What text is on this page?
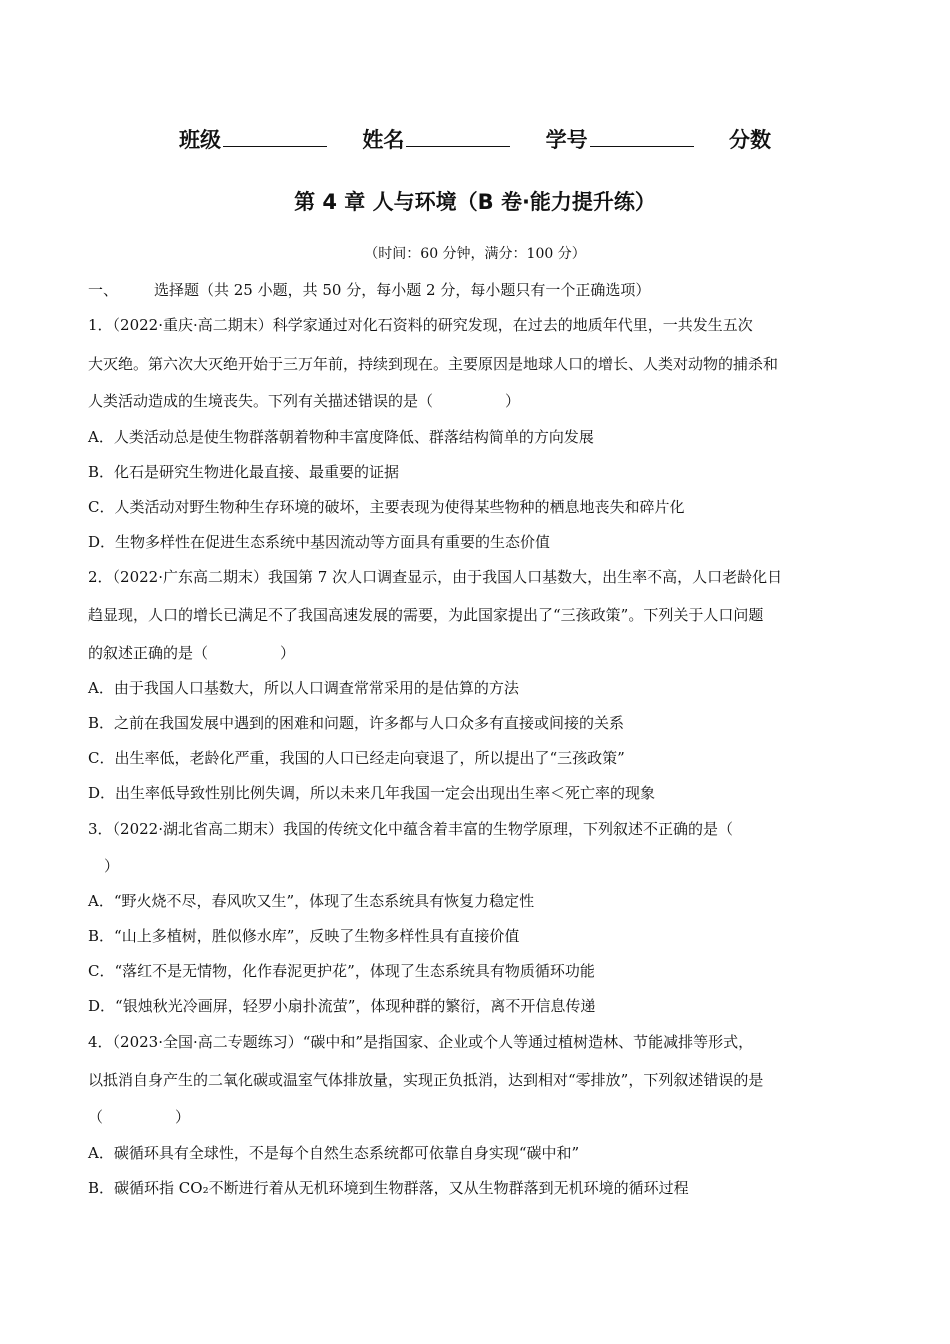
班级	姓名	学号	分数
第 4 章 人与环境（B 卷·能力提升练）
（时间：60 分钟，满分：100 分）
一、 选择题（共 25 小题，共 50 分，每小题 2 分，每小题只有一个正确选项）
1．（2022·重庆·高二期末）科学家通过对化石资料的研究发现，在过去的地质年代里，一共发生五次
大灭绝。第六次大灭绝开始于三万年前，持续到现在。主要原因是地球人口的增长、人类对动物的捕杀和
人类活动造成的生境丧失。下列有关描述错误的是（	）
A．人类活动总是使生物群落朝着物种丰富度降低、群落结构简单的方向发展
B．化石是研究生物进化最直接、最重要的证据
C．人类活动对野生物种生存环境的破坏，主要表现为使得某些物种的栖息地丧失和碎片化
D．生物多样性在促进生态系统中基因流动等方面具有重要的生态价值
2．（2022·广东高二期末）我国第 7 次人口调查显示，由于我国人口基数大，出生率不高，人口老龄化日
趋显现，人口的增长已满足不了我国高速发展的需要，为此国家提出了“三孩政策”。下列关于人口问题
的叙述正确的是（	）
A．由于我国人口基数大，所以人口调查常常采用的是估算的方法
B．之前在我国发展中遇到的困难和问题，许多都与人口众多有直接或间接的关系
C．出生率低，老龄化严重，我国的人口已经走向衰退了，所以提出了“三孩政策”
D．出生率低导致性别比例失调，所以未来几年我国一定会出现出生率＜死亡率的现象
3．（2022·湖北省高二期末）我国的传统文化中蕴含着丰富的生物学原理，下列叙述不正确的是（
）
A．“野火烧不尽，春风吹又生”，体现了生态系统具有恢复力稳定性
B．“山上多植树，胜似修水库”，反映了生物多样性具有直接价值
C．“落红不是无情物，化作春泥更护花”，体现了生态系统具有物质循环功能
D．“银烛秋光冷画屏，轻罗小扇扑流萤”，体现种群的繁衍，离不开信息传递
4．（2023·全国·高二专题练习）“碳中和”是指国家、企业或个人等通过植树造林、节能减排等形式，
以抵消自身产生的二氧化碳或温室气体排放量，实现正负抵消，达到相对“零排放”，下列叙述错误的是
（	）
A．碳循环具有全球性，不是每个自然生态系统都可依靠自身实现“碳中和”
B．碳循环指 CO₂不断进行着从无机环境到生物群落，又从生物群落到无机环境的循环过程
